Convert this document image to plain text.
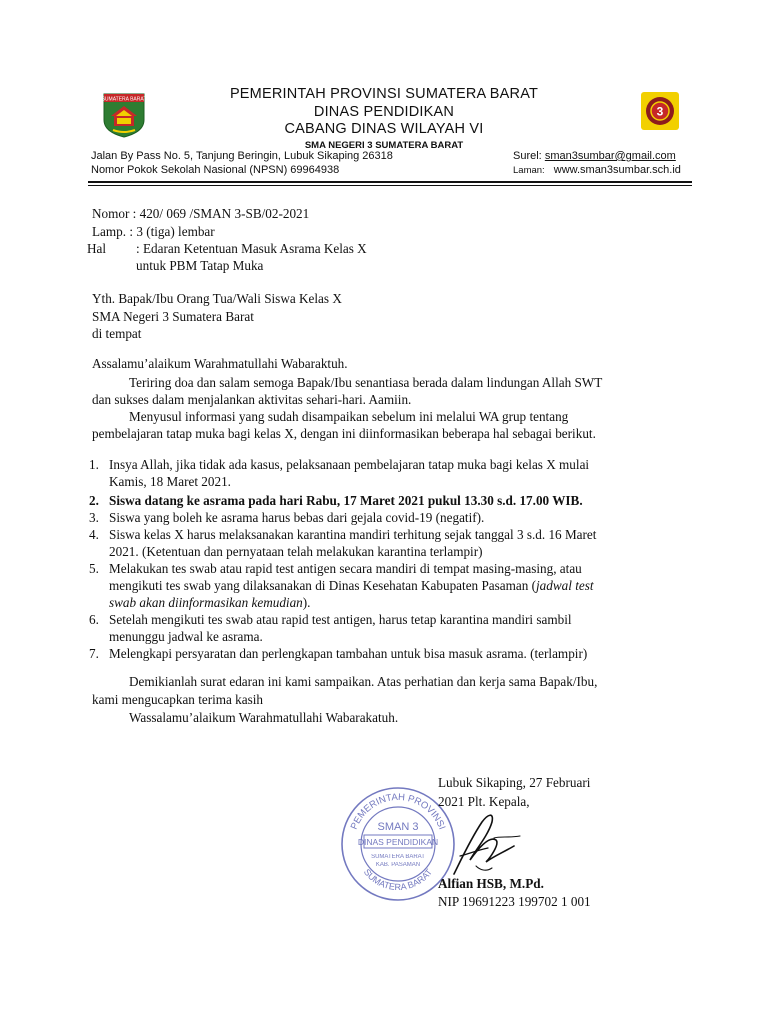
SUMATERA BARAT	PEMERINTAH PROVINSI SUMATERA BARAT
DINAS PENDIDIKAN
CABANG DINAS WILAYAH VI
SMA NEGERI 3 SUMATERA BARAT
3
Jalan By Pass No. 5, Tanjung Beringin, Lubuk Sikaping 26318
Nomor Pokok Sekolah Nasional (NPSN) 69964938
Surel: sman3sumbar@gmail.com
Laman: www.sman3sumbar.sch.id
Nomor : 420/ 069 /SMAN 3-SB/02-2021
Lamp. : 3 (tiga) lembar
Hal : Edaran Ketentuan Masuk Asrama Kelas X
untuk PBM Tatap Muka
Yth. Bapak/Ibu Orang Tua/Wali Siswa Kelas X
SMA Negeri 3 Sumatera Barat
di tempat
Assalamu’alaikum Warahmatullahi Wabaraktuh.
Teriring doa dan salam semoga Bapak/Ibu senantiasa berada dalam lindungan Allah SWT
dan sukses dalam menjalankan aktivitas sehari-hari. Aamiin.
Menyusul informasi yang sudah disampaikan sebelum ini melalui WA grup tentang
pembelajaran tatap muka bagi kelas X, dengan ini diinformasikan beberapa hal sebagai berikut.
1. Insya Allah, jika tidak ada kasus, pelaksanaan pembelajaran tatap muka bagi kelas X mulai
Kamis, 18 Maret 2021.
2. Siswa datang ke asrama pada hari Rabu, 17 Maret 2021 pukul 13.30 s.d. 17.00 WIB.
3. Siswa yang boleh ke asrama harus bebas dari gejala covid-19 (negatif).
4. Siswa kelas X harus melaksanakan karantina mandiri terhitung sejak tanggal 3 s.d. 16 Maret
2021. (Ketentuan dan pernyataan telah melakukan karantina terlampir)
5. Melakukan tes swab atau rapid test antigen secara mandiri di tempat masing-masing, atau
mengikuti tes swab yang dilaksanakan di Dinas Kesehatan Kabupaten Pasaman (jadwal test
swab akan diinformasikan kemudian).
6. Setelah mengikuti tes swab atau rapid test antigen, harus tetap karantina mandiri sambil
menunggu jadwal ke asrama.
7. Melengkapi persyaratan dan perlengkapan tambahan untuk bisa masuk asrama. (terlampir)
Demikianlah surat edaran ini kami sampaikan. Atas perhatian dan kerja sama Bapak/Ibu,
kami mengucapkan terima kasih
Wassalamu’alaikum Warahmatullahi Wabarakatuh.
PEMERINTAH PROVINSI
SUMATERA BARAT
SMAN 3
DINAS PENDIDIKAN
SUMATERA BARAT
KAB. PASAMAN
Lubuk Sikaping, 27 Februari
2021 Plt. Kepala,
Alfian HSB, M.Pd.
NIP 19691223 199702 1 001
